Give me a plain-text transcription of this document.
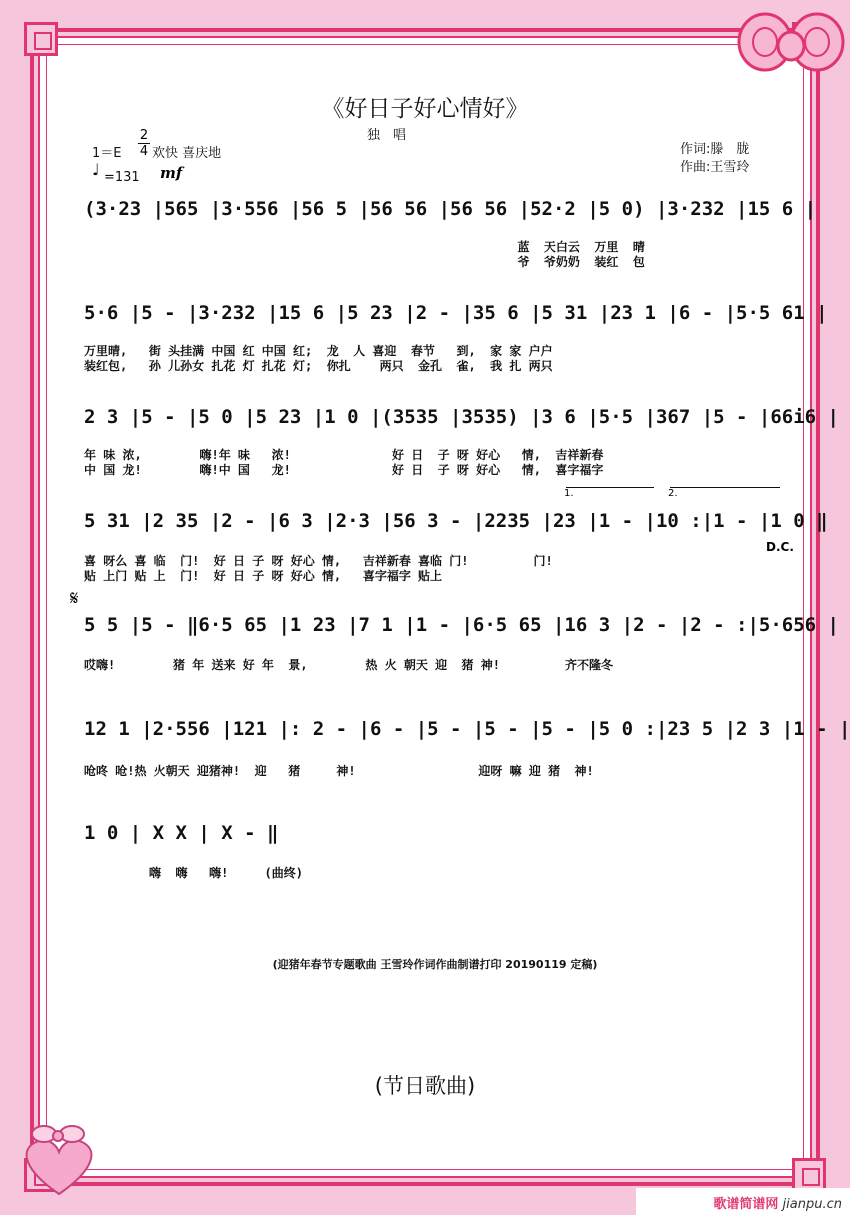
《好日子好心情好》
独　唱
1＝E
2
4 欢快 喜庆地
♩ =131 mf
作词:滕　胧
作曲:王雪玲
(3·23 |565 |3·556 |56 5 |56 56 |56 56 |52·2 |5 0) |3·232 |15 6 |
蓝  天白云  万里  晴
爷  爷奶奶  装红  包
5·6 |5 - |3·232 |15 6 |5 23 |2 - |35 6 |5 31 |23 1 |6 - |5·5 61 |
万里晴,   街 头挂满 中国 红 中国 红;  龙  人 喜迎  春节   到,  家 家 户户
装红包,   孙 儿孙女 扎花 灯 扎花 灯;  你扎    两只  金孔  雀,  我 扎 两只
2 3 |5 - |5 0 |5 23 |1 0 |(3535 |3535) |3 6 |5·5 |367 |5 - |66i6 |
年 味 浓,        嗨!年 味   浓!              好 日  子 呀 好心   情,  吉祥新春
中 国 龙!        嗨!中 国   龙!              好 日  子 呀 好心   情,  喜字福字
1.	2.
5 31 |2 35 |2 - |6 3 |2·3 |56 3 - |2235 |23 |1 - |10 :|1 - |1 0 ‖
D.C.
喜 呀么 喜 临  门!  好 日 子 呀 好心 情,   吉祥新春 喜临 门!         门!
贴 上门 贴 上  门!  好 日 子 呀 好心 情,   喜字福字 贴上
𝄋
5 5 |5 - ‖6·5 65 |1 23 |7 1 |1 - |6·5 65 |16 3 |2 - |2 - :|5·656 |
哎嗨!        猪 年 送来 好 年  景,        热 火 朝天 迎  猪 神!         齐不隆冬
12 1 |2·556 |121 |: 2 - |6 - |5 - |5 - |5 - |5 0 :|23 5 |2 3 |1 - |
呛咚 呛!热 火朝天 迎猪神!  迎   猪     神!                 迎呀 嘛 迎 猪  神!
1 0 | X X | X - ‖
嗨  嗨   嗨!     (曲终)
(迎猪年春节专题歌曲 王雪玲作词作曲制谱打印 20190119 定稿)
(节日歌曲)
歌谱简谱网 jianpu.cn
